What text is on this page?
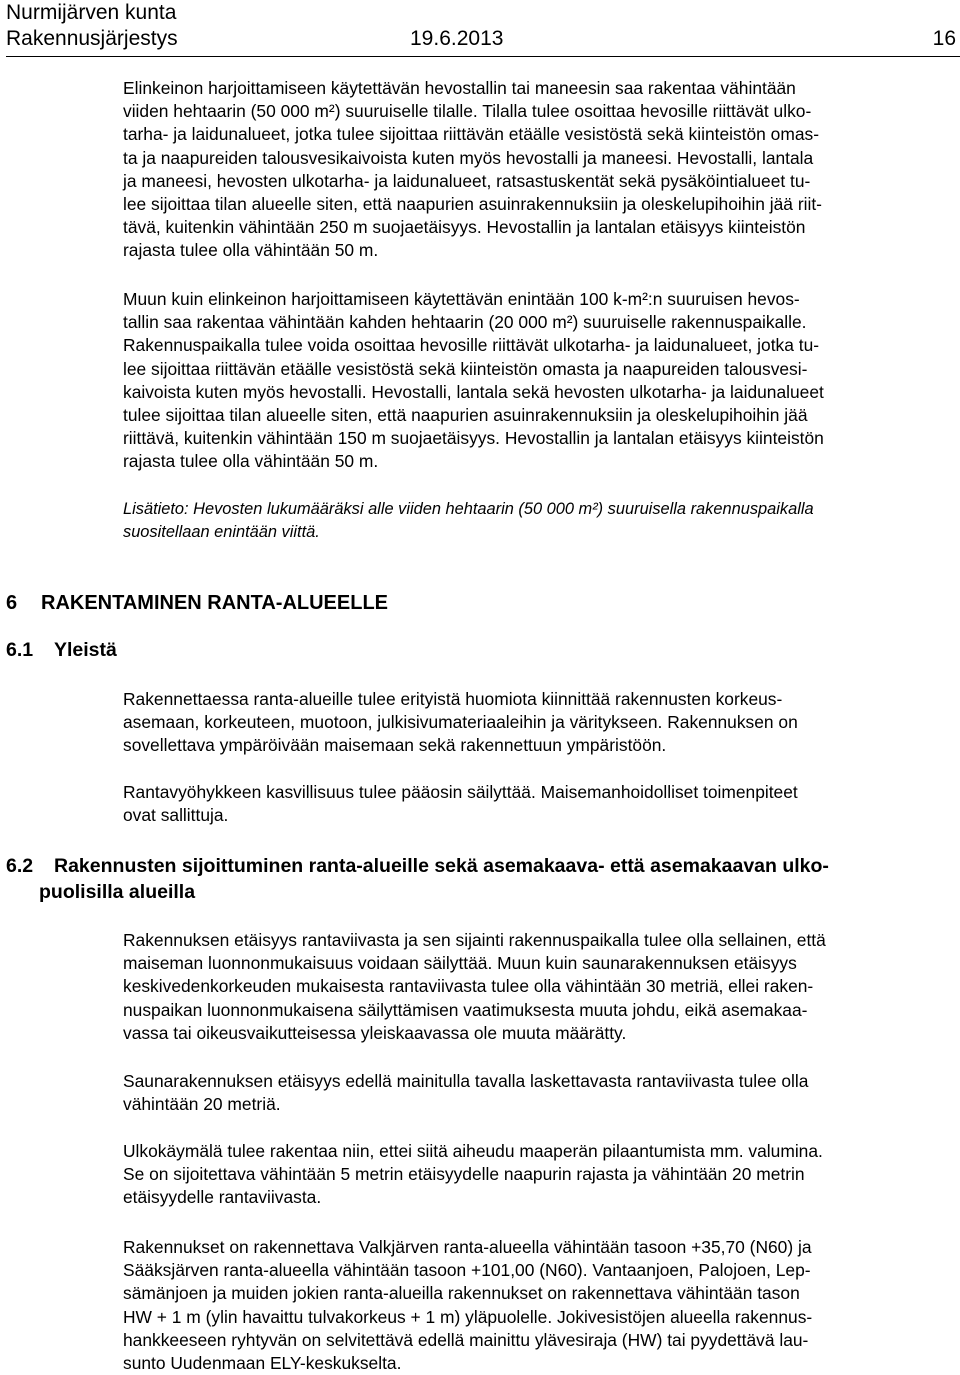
Nurmijärven kunta
Rakennusjärjestys	19.6.2013	16
Elinkeinon harjoittamiseen käytettävän hevostallin tai maneesin saa rakentaa vähintään
viiden hehtaarin (50 000 m²) suuruiselle tilalle. Tilalla tulee osoittaa hevosille riittävät ulko-
tarha- ja laidunalueet, jotka tulee sijoittaa riittävän etäälle vesistöstä sekä kiinteistön omas-
ta ja naapureiden talousvesikaivoista kuten myös hevostalli ja maneesi. Hevostalli, lantala
ja maneesi, hevosten ulkotarha- ja laidunalueet, ratsastuskentät sekä pysäköintialueet tu-
lee sijoittaa tilan alueelle siten, että naapurien asuinrakennuksiin ja oleskelupihoihin jää riit-
tävä, kuitenkin vähintään 250 m suojaetäisyys. Hevostallin ja lantalan etäisyys kiinteistön
rajasta tulee olla vähintään 50 m.
Muun kuin elinkeinon harjoittamiseen käytettävän enintään 100 k-m²:n suuruisen hevos-
tallin saa rakentaa vähintään kahden hehtaarin (20 000 m²) suuruiselle rakennuspaikalle.
Rakennuspaikalla tulee voida osoittaa hevosille riittävät ulkotarha- ja laidunalueet, jotka tu-
lee sijoittaa riittävän etäälle vesistöstä sekä kiinteistön omasta ja naapureiden talousvesi-
kaivoista kuten myös hevostalli. Hevostalli, lantala sekä hevosten ulkotarha- ja laidunalueet
tulee sijoittaa tilan alueelle siten, että naapurien asuinrakennuksiin ja oleskelupihoihin jää
riittävä, kuitenkin vähintään 150 m suojaetäisyys. Hevostallin ja lantalan etäisyys kiinteistön
rajasta tulee olla vähintään 50 m.
Lisätieto: Hevosten lukumääräksi alle viiden hehtaarin (50 000 m²) suuruisella rakennuspaikalla
suositellaan enintään viittä.
6 RAKENTAMINEN RANTA-ALUEELLE
6.1 Yleistä
Rakennettaessa ranta-alueille tulee erityistä huomiota kiinnittää rakennusten korkeus-
asemaan, korkeuteen, muotoon, julkisivumateriaaleihin ja väritykseen. Rakennuksen on
sovellettava ympäröivään maisemaan sekä rakennettuun ympäristöön.
Rantavyöhykkeen kasvillisuus tulee pääosin säilyttää. Maisemanhoidolliset toimenpiteet
ovat sallittuja.
6.2 Rakennusten sijoittuminen ranta-alueille sekä asemakaava- että asemakaavan ulko-
puolisilla alueilla
Rakennuksen etäisyys rantaviivasta ja sen sijainti rakennuspaikalla tulee olla sellainen, että
maiseman luonnonmukaisuus voidaan säilyttää. Muun kuin saunarakennuksen etäisyys
keskivedenkorkeuden mukaisesta rantaviivasta tulee olla vähintään 30 metriä, ellei raken-
nuspaikan luonnonmukaisena säilyttämisen vaatimuksesta muuta johdu, eikä asemakaa-
vassa tai oikeusvaikutteisessa yleiskaavassa ole muuta määrätty.
Saunarakennuksen etäisyys edellä mainitulla tavalla laskettavasta rantaviivasta tulee olla
vähintään 20 metriä.
Ulkokäymälä tulee rakentaa niin, ettei siitä aiheudu maaperän pilaantumista mm. valumina.
Se on sijoitettava vähintään 5 metrin etäisyydelle naapurin rajasta ja vähintään 20 metrin
etäisyydelle rantaviivasta.
Rakennukset on rakennettava Valkjärven ranta-alueella vähintään tasoon +35,70 (N60) ja
Sääksjärven ranta-alueella vähintään tasoon +101,00 (N60). Vantaanjoen, Palojoen, Lep-
sämänjoen ja muiden jokien ranta-alueilla rakennukset on rakennettava vähintään tason
HW + 1 m (ylin havaittu tulvakorkeus + 1 m) yläpuolelle. Jokivesistöjen alueella rakennus-
hankkeeseen ryhtyvän on selvitettävä edellä mainittu ylävesiraja (HW) tai pyydettävä lau-
sunto Uudenmaan ELY-keskukselta.
